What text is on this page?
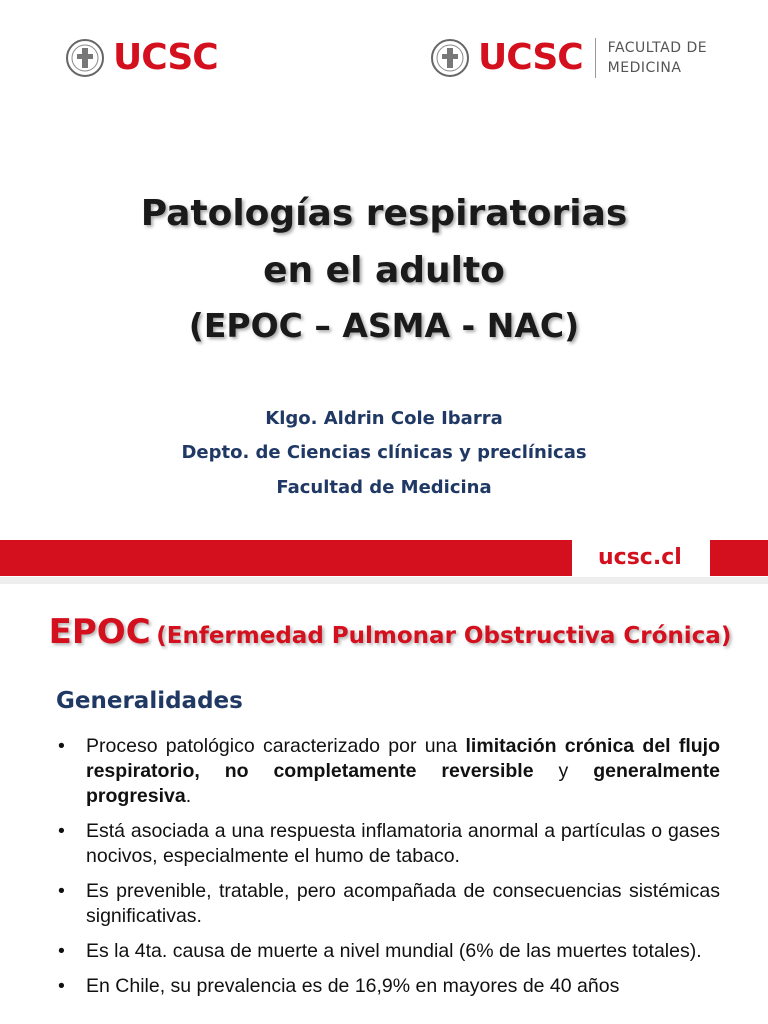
UCSC	UCSC FACULTAD DE
MEDICINA
Patologías respiratorias
en el adulto
(EPOC – ASMA - NAC)
Klgo. Aldrin Cole Ibarra
Depto. de Ciencias clínicas y preclínicas
Facultad de Medicina
ucsc.cl
EPOC (Enfermedad Pulmonar Obstructiva Crónica)
Generalidades
• Proceso patológico caracterizado por una limitación crónica del flujo respiratorio, no completamente reversible y generalmente progresiva.
• Está asociada a una respuesta inflamatoria anormal a partículas o gases nocivos, especialmente el humo de tabaco.
• Es prevenible, tratable, pero acompañada de consecuencias sistémicas significativas.
• Es la 4ta. causa de muerte a nivel mundial (6% de las muertes totales).
• En Chile, su prevalencia es de 16,9% en mayores de 40 años
